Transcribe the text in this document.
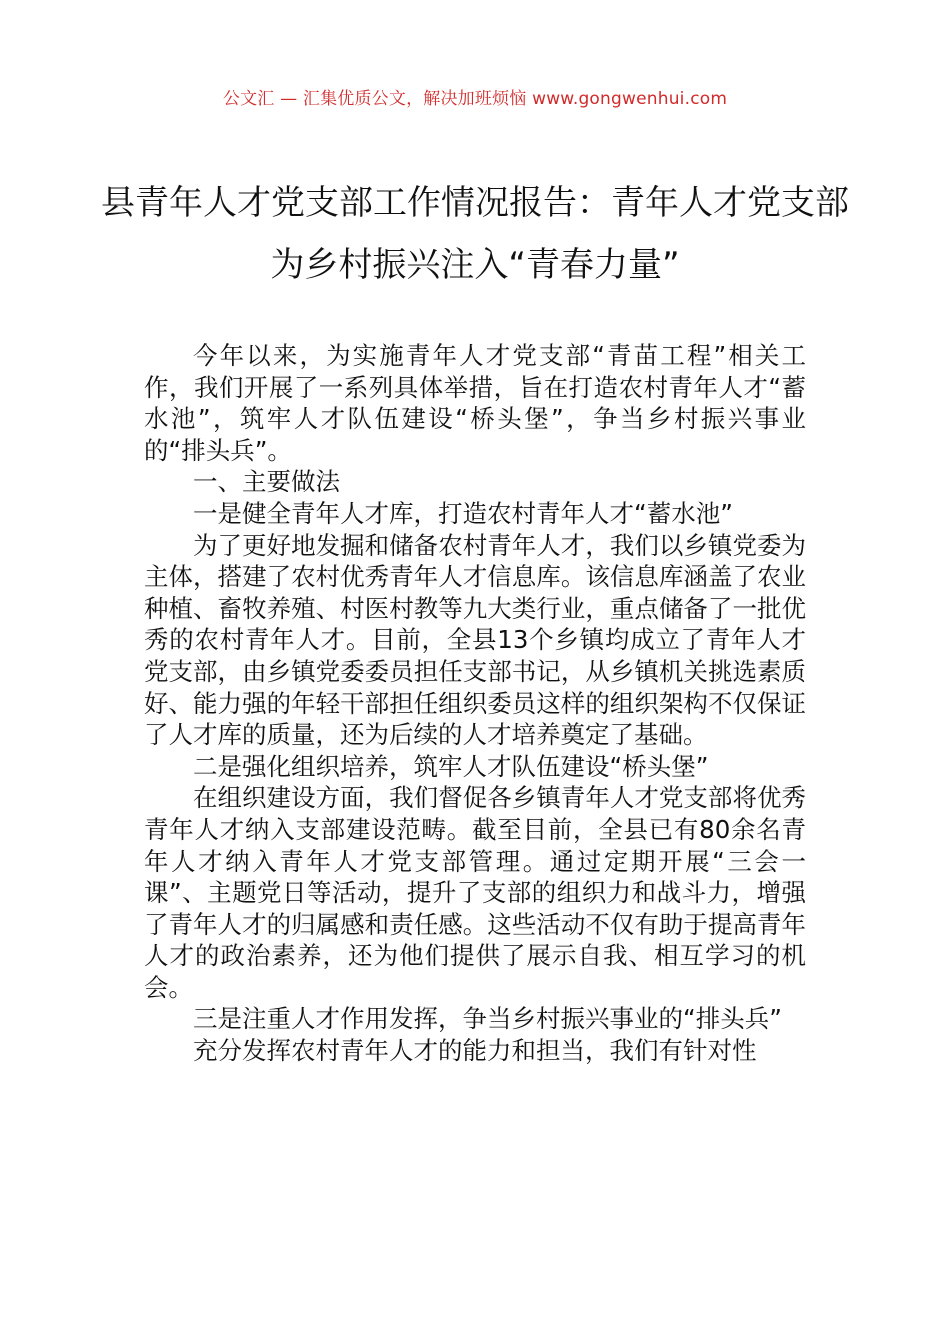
公文汇 — 汇集优质公文，解决加班烦恼 www.gongwenhui.com
县青年人才党支部工作情况报告：青年人才党支部为乡村振兴注入“青春力量”

今年以来，为实施青年人才党支部“青苗工程”相关工作，我们开展了一系列具体举措，旨在打造农村青年人才“蓄水池”，筑牢人才队伍建设“桥头堡”，争当乡村振兴事业的“排头兵”。

一、主要做法

一是健全青年人才库，打造农村青年人才“蓄水池”

为了更好地发掘和储备农村青年人才，我们以乡镇党委为主体，搭建了农村优秀青年人才信息库。该信息库涵盖了农业种植、畜牧养殖、村医村教等九大类行业，重点储备了一批优秀的农村青年人才。目前，全县13个乡镇均成立了青年人才党支部，由乡镇党委委员担任支部书记，从乡镇机关挑选素质好、能力强的年轻干部担任组织委员这样的组织架构不仅保证了人才库的质量，还为后续的人才培养奠定了基础。

二是强化组织培养，筑牢人才队伍建设“桥头堡”

在组织建设方面，我们督促各乡镇青年人才党支部将优秀青年人才纳入支部建设范畴。截至目前，全县已有80余名青年人才纳入青年人才党支部管理。通过定期开展“三会一课”、主题党日等活动，提升了支部的组织力和战斗力，增强了青年人才的归属感和责任感。这些活动不仅有助于提高青年人才的政治素养，还为他们提供了展示自我、相互学习的机会。

三是注重人才作用发挥，争当乡村振兴事业的“排头兵”

充分发挥农村青年人才的能力和担当，我们有针对性
